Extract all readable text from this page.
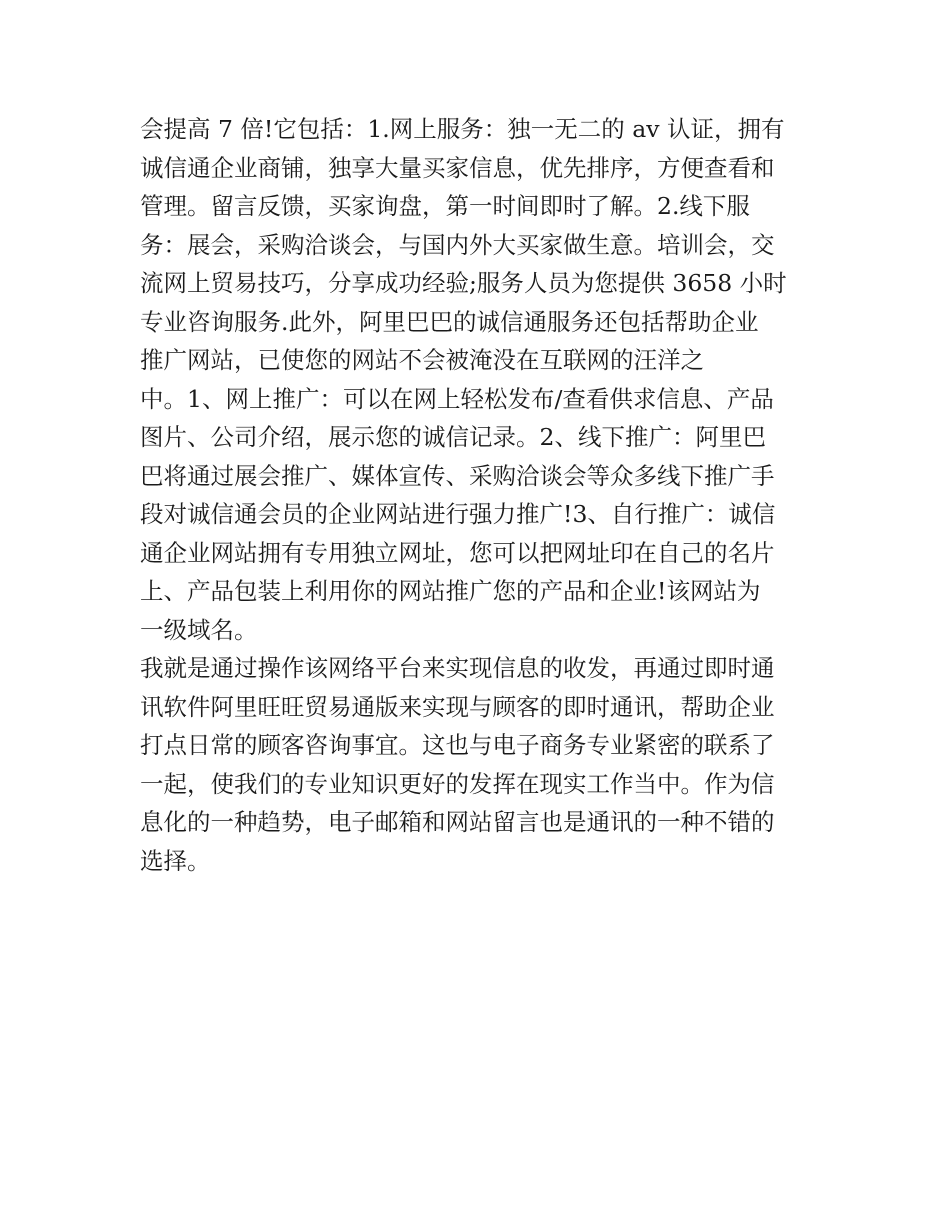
会提高 7 倍!它包括：1.网上服务：独一无二的 av 认证，拥有
诚信通企业商铺，独享大量买家信息，优先排序，方便查看和
管理。留言反馈，买家询盘，第一时间即时了解。2.线下服
务：展会，采购洽谈会，与国内外大买家做生意。培训会，交
流网上贸易技巧，分享成功经验;服务人员为您提供 3658 小时
专业咨询服务.此外，阿里巴巴的诚信通服务还包括帮助企业
推广网站，已使您的网站不会被淹没在互联网的汪洋之
中。1、网上推广：可以在网上轻松发布/查看供求信息、产品
图片、公司介绍，展示您的诚信记录。2、线下推广：阿里巴
巴将通过展会推广、媒体宣传、采购洽谈会等众多线下推广手
段对诚信通会员的企业网站进行强力推广!3、自行推广：诚信
通企业网站拥有专用独立网址，您可以把网址印在自己的名片
上、产品包装上利用你的网站推广您的产品和企业!该网站为
一级域名。
我就是通过操作该网络平台来实现信息的收发，再通过即时通
讯软件阿里旺旺贸易通版来实现与顾客的即时通讯，帮助企业
打点日常的顾客咨询事宜。这也与电子商务专业紧密的联系了
一起，使我们的专业知识更好的发挥在现实工作当中。作为信
息化的一种趋势，电子邮箱和网站留言也是通讯的一种不错的
选择。
